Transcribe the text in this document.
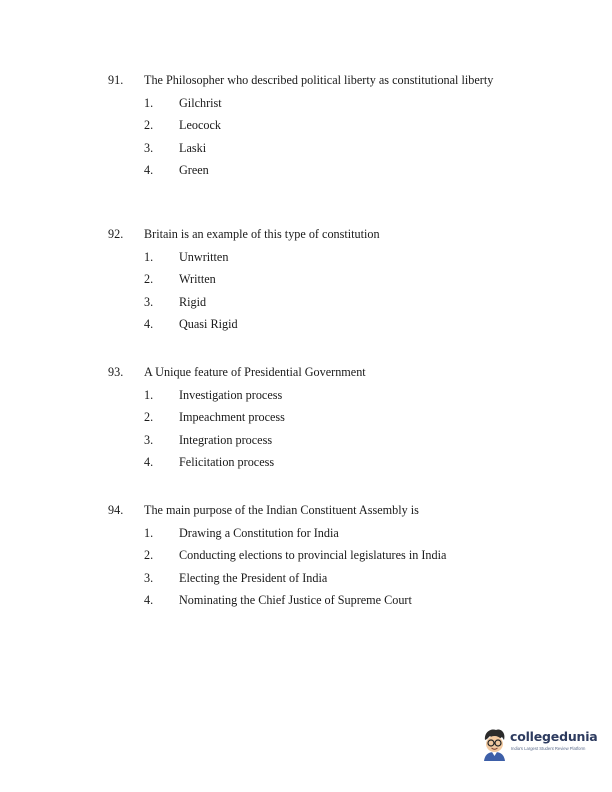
91. The Philosopher who described political liberty as constitutional liberty
1. Gilchrist
2. Leocock
3. Laski
4. Green
92. Britain is an example of this type of constitution
1. Unwritten
2. Written
3. Rigid
4. Quasi Rigid
93. A Unique feature of Presidential Government
1. Investigation process
2. Impeachment process
3. Integration process
4. Felicitation process
94. The main purpose of the Indian Constituent Assembly is
1. Drawing a Constitution for India
2. Conducting elections to provincial legislatures in India
3. Electing the President of India
4. Nominating the Chief Justice of Supreme Court
collegedunia
India's Largest Student Review Platform
